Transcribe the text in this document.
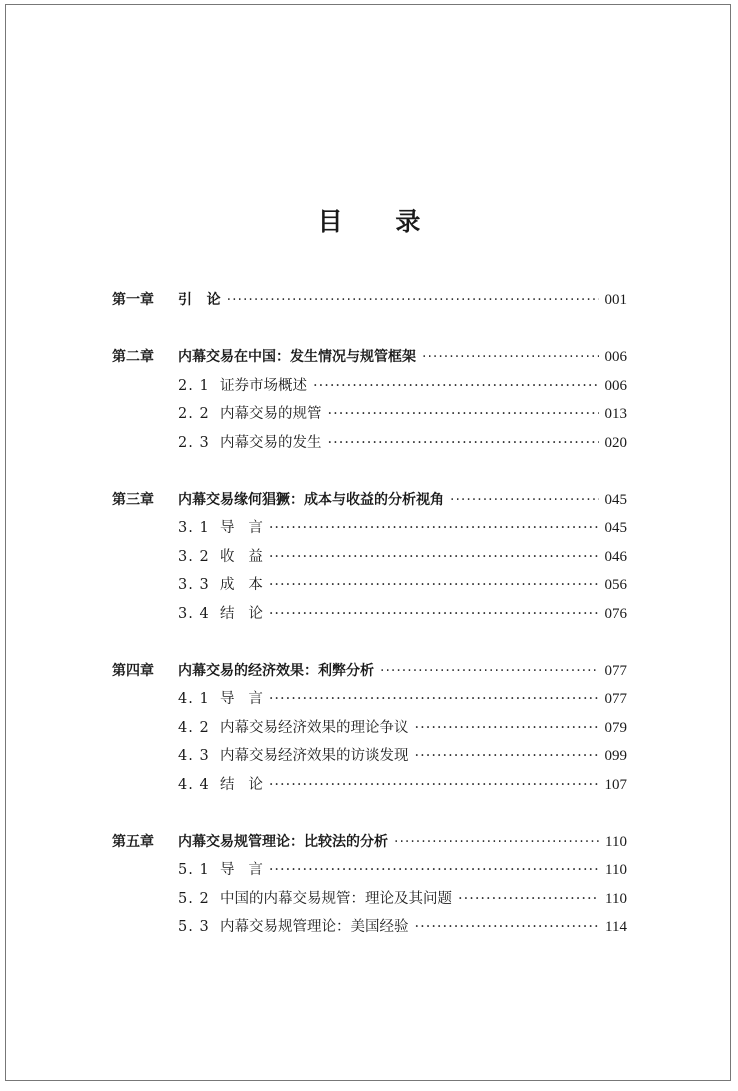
目 录
第一章	引   论 ·····	001
第二章	内幕交易在中国：发生情况与规管框架 ·····	006
2. 1 证券市场概述 ·····	006
2. 2 内幕交易的规管 ·····	013
2. 3 内幕交易的发生 ·····	020
第三章	内幕交易缘何猖獗：成本与收益的分析视角 ·····	045
3. 1 导   言 ·····	045
3. 2 收   益 ·····	046
3. 3 成   本 ·····	056
3. 4 结   论 ·····	076
第四章	内幕交易的经济效果：利弊分析 ·····	077
4. 1 导   言 ·····	077
4. 2 内幕交易经济效果的理论争议 ·····	079
4. 3 内幕交易经济效果的访谈发现 ·····	099
4. 4 结   论 ·····	107
第五章	内幕交易规管理论：比较法的分析 ·····	110
5. 1 导   言 ·····	110
5. 2 中国的内幕交易规管：理论及其问题 ·····	110
5. 3 内幕交易规管理论：美国经验 ·····	114
